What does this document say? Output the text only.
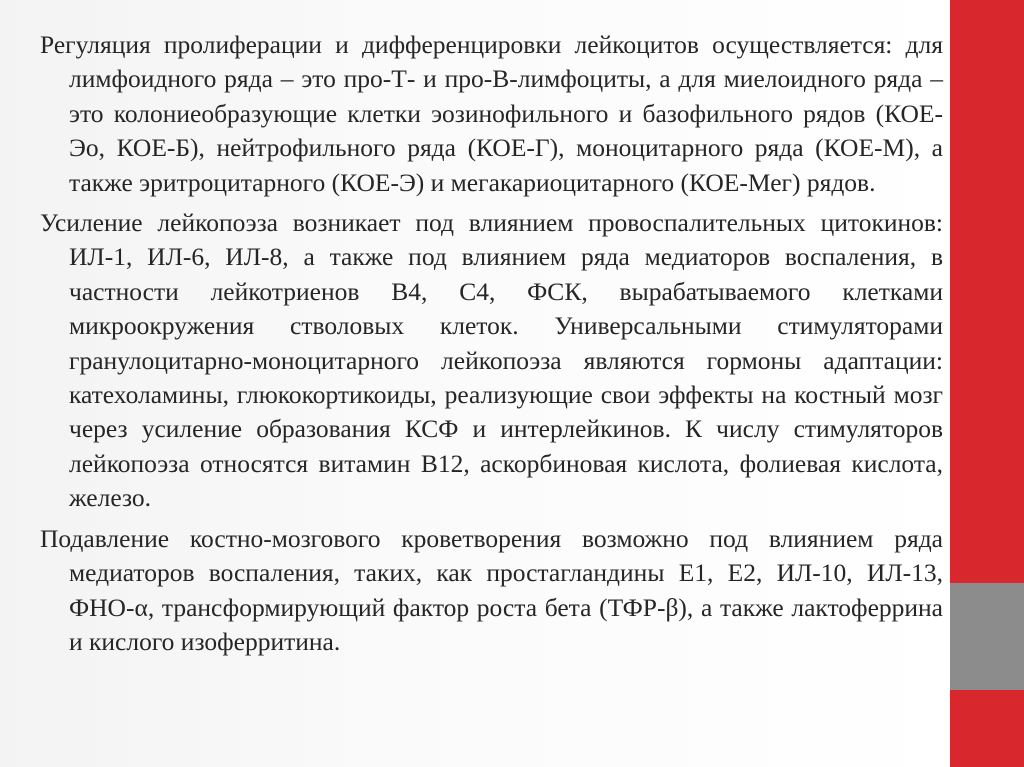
Регуляция пролиферации и дифференцировки лейкоцитов осуществляется: для лимфоидного ряда – это про-Т- и про-В-лимфоциты, а для миелоидного ряда – это колониеобразующие клетки эозинофильного и базофильного рядов (КОЕ-Эо, КОЕ-Б), нейтрофильного ряда (КОЕ-Г), моноцитарного ряда (КОЕ-М), а также эритроцитарного (КОЕ-Э) и мегакариоцитарного (КОЕ-Мег) рядов.

Усиление лейкопоэза возникает под влиянием провоспалительных цитокинов: ИЛ-1, ИЛ-6, ИЛ-8, а также под влиянием ряда медиаторов воспаления, в частности лейкотриенов В4, С4, ФСК, вырабатываемого клетками микроокружения стволовых клеток. Универсальными стимуляторами гранулоцитарно-моноцитарного лейкопоэза являются гормоны адаптации: катехоламины, глюкокортикоиды, реализующие свои эффекты на костный мозг через усиление образования КСФ и интерлейкинов. К числу стимуляторов лейкопоэза относятся витамин В12, аскорбиновая кислота, фолиевая кислота, железо.

Подавление костно-мозгового кроветворения возможно под влиянием ряда медиаторов воспаления, таких, как простагландины Е1, Е2, ИЛ-10, ИЛ-13, ФНО-α, трансформирующий фактор роста бета (ТФР-β), а также лактоферрина и кислого изоферритина.
